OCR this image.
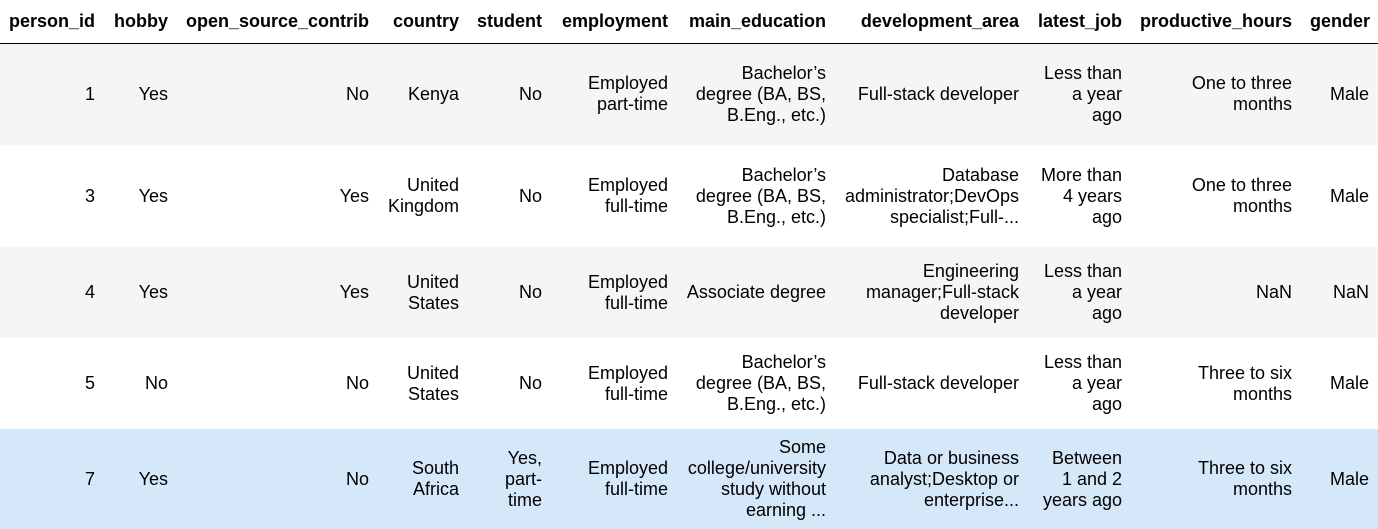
person_id	hobby	open_source_contrib	country	student	employment	main_education	development_area	latest_job	productive_hours	gender
1	Yes	No	Kenya	No	Employed part-time	Bachelor’s degree (BA, BS, B.Eng., etc.)	Full-stack developer	Less than a year ago	One to three months	Male
3	Yes	Yes	United Kingdom	No	Employed full-time	Bachelor’s degree (BA, BS, B.Eng., etc.)	Database administrator;DevOps specialist;Full-...	More than 4 years ago	One to three months	Male
4	Yes	Yes	United States	No	Employed full-time	Associate degree	Engineering manager;Full-stack developer	Less than a year ago	NaN	NaN
5	No	No	United States	No	Employed full-time	Bachelor’s degree (BA, BS, B.Eng., etc.)	Full-stack developer	Less than a year ago	Three to six months	Male
7	Yes	No	South Africa	Yes, part-time	Employed full-time	Some college/university study without earning ...	Data or business analyst;Desktop or enterprise...	Between 1 and 2 years ago	Three to six months	Male
